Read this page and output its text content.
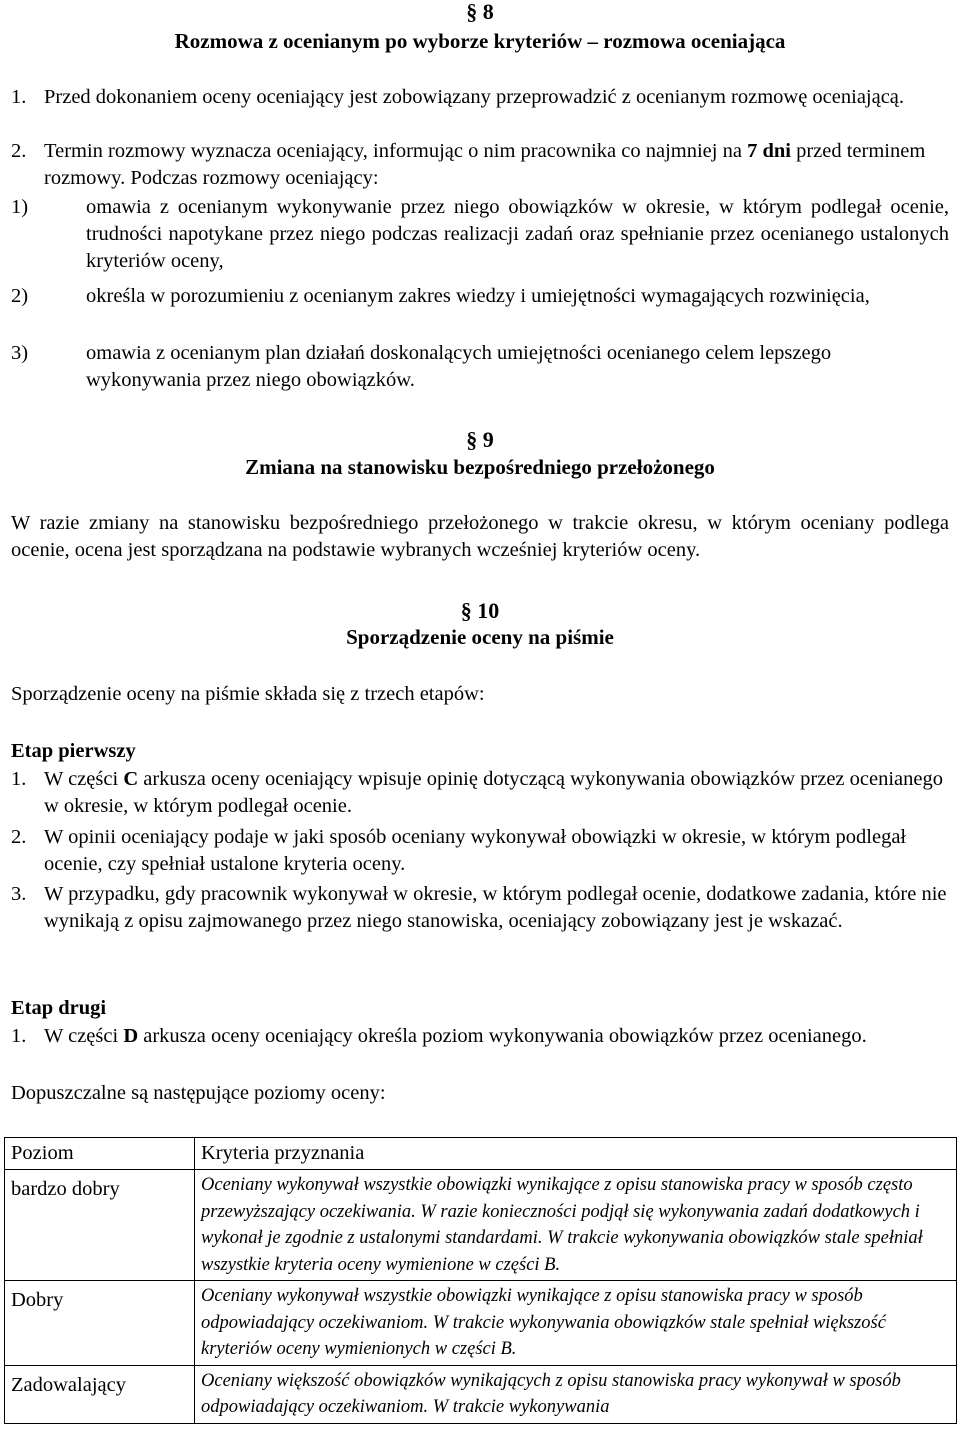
§ 8
Rozmowa z ocenianym po wyborze kryteriów – rozmowa oceniająca
1. Przed dokonaniem oceny oceniający jest zobowiązany przeprowadzić z ocenianym rozmowę oceniającą.
2. Termin rozmowy wyznacza oceniający, informując o nim pracownika co najmniej na 7 dni przed terminem rozmowy. Podczas rozmowy oceniający:
1)	omawia z ocenianym wykonywanie przez niego obowiązków w okresie, w którym podlegał ocenie, trudności napotykane przez niego podczas realizacji zadań oraz spełnianie przez ocenianego ustalonych kryteriów oceny,
2)	określa w porozumieniu z ocenianym zakres wiedzy i umiejętności wymagających rozwinięcia,
3)	omawia z ocenianym plan działań doskonalących umiejętności ocenianego celem lepszego wykonywania przez niego obowiązków.
§ 9
Zmiana na stanowisku bezpośredniego przełożonego
W razie zmiany na stanowisku bezpośredniego przełożonego w trakcie okresu, w którym oceniany podlega ocenie, ocena jest sporządzana na podstawie wybranych wcześniej kryteriów oceny.
§ 10
Sporządzenie oceny na piśmie
Sporządzenie oceny na piśmie składa się z trzech etapów:
Etap pierwszy
1. W części C arkusza oceny oceniający wpisuje opinię dotyczącą wykonywania obowiązków przez ocenianego w okresie, w którym podlegał ocenie.
2. W opinii oceniający podaje w jaki sposób oceniany wykonywał obowiązki w okresie, w którym podlegał ocenie, czy spełniał ustalone kryteria oceny.
3. W przypadku, gdy pracownik wykonywał w okresie, w którym podlegał ocenie, dodatkowe zadania, które nie wynikają z opisu zajmowanego przez niego stanowiska, oceniający zobowiązany jest je wskazać.
Etap drugi
1. W części D arkusza oceny oceniający określa poziom wykonywania obowiązków przez ocenianego.
Dopuszczalne są następujące poziomy oceny:
Poziom	Kryteria przyznania
bardzo dobry	Oceniany wykonywał wszystkie obowiązki wynikające z opisu stanowiska pracy w sposób często przewyższający oczekiwania. W razie konieczności podjął się wykonywania zadań dodatkowych i wykonał je zgodnie z ustalonymi standardami. W trakcie wykonywania obowiązków stale spełniał wszystkie kryteria oceny wymienione w części B.
Dobry	Oceniany wykonywał wszystkie obowiązki wynikające z opisu stanowiska pracy w sposób odpowiadający oczekiwaniom. W trakcie wykonywania obowiązków stale spełniał większość kryteriów oceny wymienionych w części B.
Zadowalający	Oceniany większość obowiązków wynikających z opisu stanowiska pracy wykonywał w sposób odpowiadający oczekiwaniom. W trakcie wykonywania
